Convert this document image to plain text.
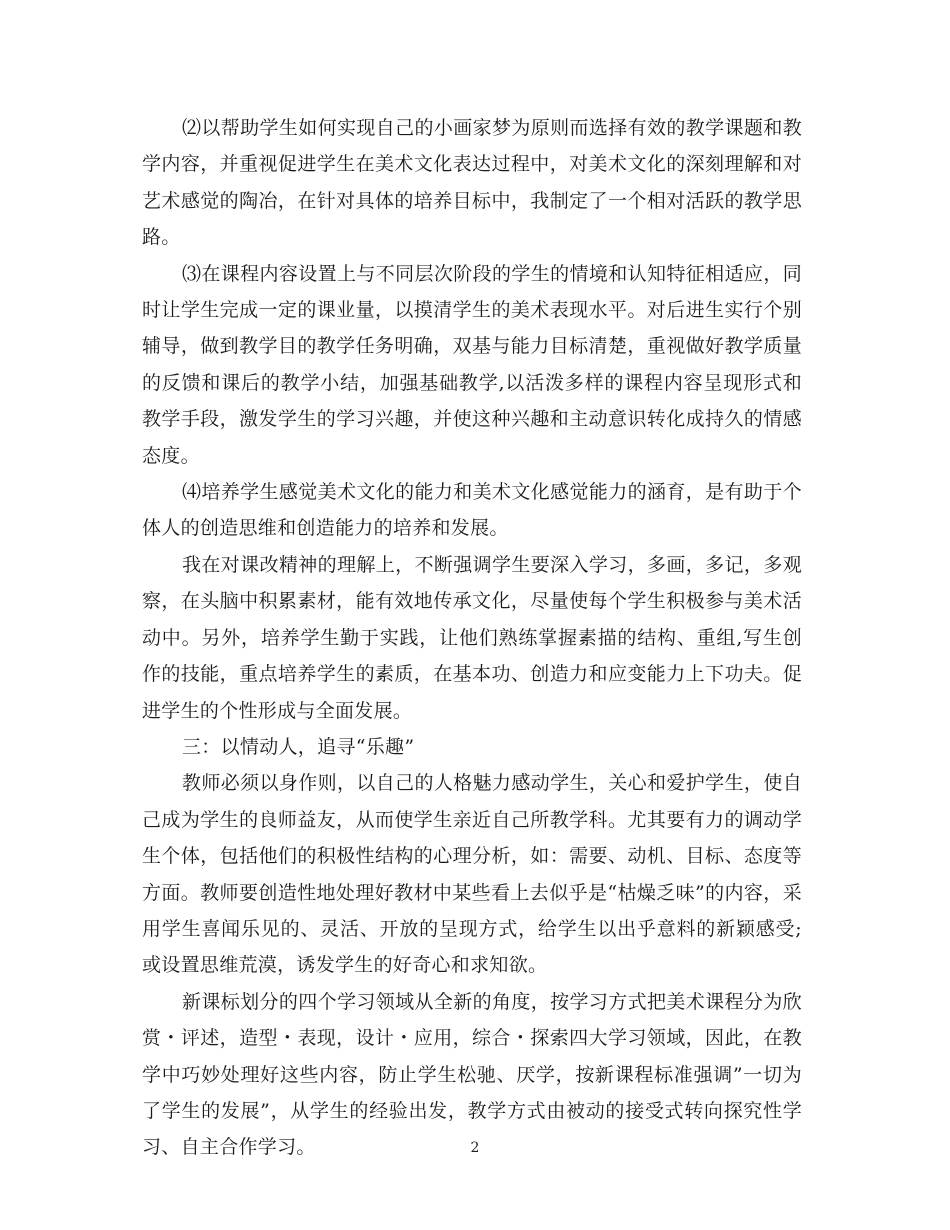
⑵以帮助学生如何实现自己的小画家梦为原则而选择有效的教学课题和教学内容，并重视促进学生在美术文化表达过程中，对美术文化的深刻理解和对艺术感觉的陶冶，在针对具体的培养目标中，我制定了一个相对活跃的教学思路。

⑶在课程内容设置上与不同层次阶段的学生的情境和认知特征相适应，同时让学生完成一定的课业量，以摸清学生的美术表现水平。对后进生实行个别辅导，做到教学目的教学任务明确，双基与能力目标清楚，重视做好教学质量的反馈和课后的教学小结，加强基础教学,以活泼多样的课程内容呈现形式和教学手段，激发学生的学习兴趣，并使这种兴趣和主动意识转化成持久的情感态度。

⑷培养学生感觉美术文化的能力和美术文化感觉能力的涵育，是有助于个体人的创造思维和创造能力的培养和发展。

我在对课改精神的理解上，不断强调学生要深入学习，多画，多记，多观察，在头脑中积累素材，能有效地传承文化，尽量使每个学生积极参与美术活动中。另外，培养学生勤于实践，让他们熟练掌握素描的结构、重组,写生创作的技能，重点培养学生的素质，在基本功、创造力和应变能力上下功夫。促进学生的个性形成与全面发展。

三：以情动人，追寻“乐趣”

教师必须以身作则，以自己的人格魅力感动学生，关心和爱护学生，使自己成为学生的良师益友，从而使学生亲近自己所教学科。尤其要有力的调动学生个体，包括他们的积极性结构的心理分析，如：需要、动机、目标、态度等方面。教师要创造性地处理好教材中某些看上去似乎是“枯燥乏味”的内容，采用学生喜闻乐见的、灵活、开放的呈现方式，给学生以出乎意料的新颖感受;或设置思维荒漠，诱发学生的好奇心和求知欲。

新课标划分的四个学习领域从全新的角度，按学习方式把美术课程分为欣赏・评述，造型・表现，设计・应用，综合・探索四大学习领域，因此，在教学中巧妙处理好这些内容，防止学生松驰、厌学，按新课程标准强调”一切为了学生的发展”，从学生的经验出发，教学方式由被动的接受式转向探究性学习、自主合作学习。	2
